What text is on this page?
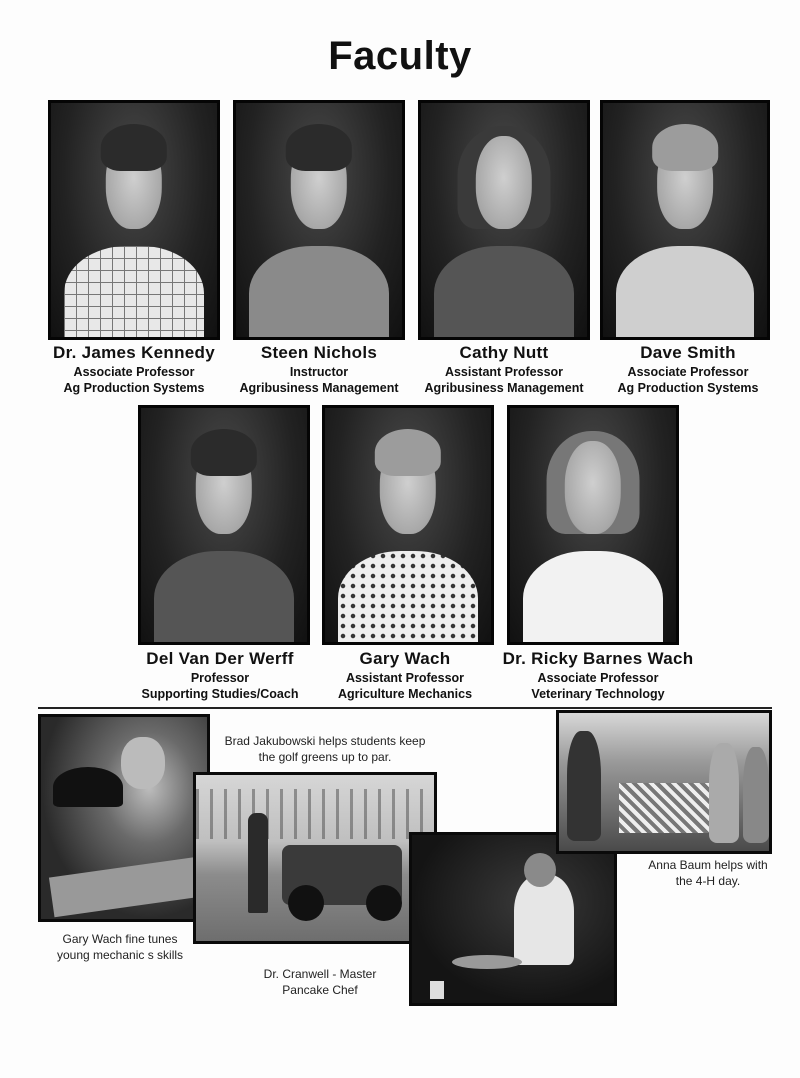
Faculty
Dr. James Kennedy
Associate Professor
Ag Production Systems
Steen Nichols
Instructor
Agribusiness Management
Cathy Nutt
Assistant Professor
Agribusiness Management
Dave Smith
Associate Professor
Ag Production Systems
Del Van Der Werff
Professor
Supporting Studies/Coach
Gary Wach
Assistant Professor
Agriculture Mechanics
Dr. Ricky Barnes Wach
Associate Professor
Veterinary Technology
Gary Wach fine tunes
young mechanic s skills
Brad Jakubowski helps students keep
the golf greens up to par.
Dr. Cranwell - Master
Pancake Chef
Anna Baum helps with
the 4-H day.
